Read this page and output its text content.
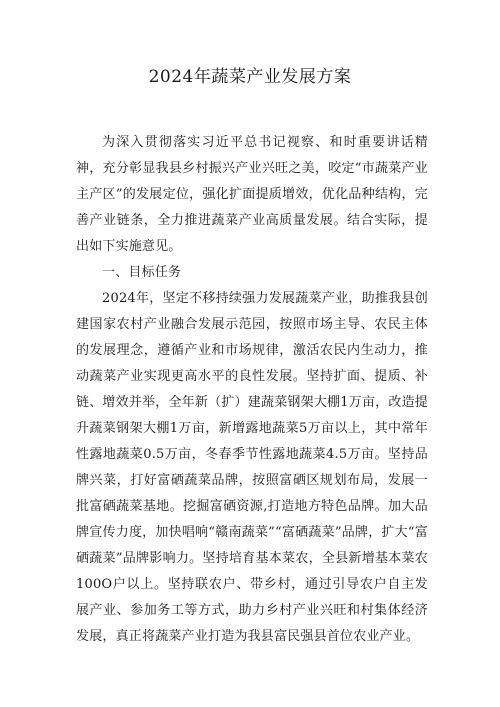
2024年蔬菜产业发展方案

为深入贯彻落实习近平总书记视察、和时重要讲话精神，充分彰显我县乡村振兴产业兴旺之美，咬定“市蔬菜产业主产区”的发展定位，强化扩面提质增效，优化品种结构，完善产业链条，全力推进蔬菜产业高质量发展。结合实际，提出如下实施意见。

一、目标任务

2024年，坚定不移持续强力发展蔬菜产业，助推我县创建国家农村产业融合发展示范园，按照市场主导、农民主体的发展理念，遵循产业和市场规律，激活农民内生动力，推动蔬菜产业实现更高水平的良性发展。坚持扩面、提质、补链、增效并举，全年新（扩）建蔬菜钢架大棚1万亩，改造提升蔬菜钢架大棚1万亩，新增露地蔬菜5万亩以上，其中常年性露地蔬菜0.5万亩，冬春季节性露地蔬菜4.5万亩。坚持品牌兴菜，打好富硒蔬菜品牌，按照富硒区规划布局，发展一批富硒蔬菜基地。挖掘富硒资源,打造地方特色品牌。加大品牌宣传力度，加快唱响“赣南蔬菜”“富硒蔬菜”品牌，扩大“富硒蔬菜”品牌影响力。坚持培育基本菜农，全县新增基本菜农100O户以上。坚持联农户、带乡村，通过引导农户自主发展产业、参加务工等方式，助力乡村产业兴旺和村集体经济发展，真正将蔬菜产业打造为我县富民强县首位农业产业。
